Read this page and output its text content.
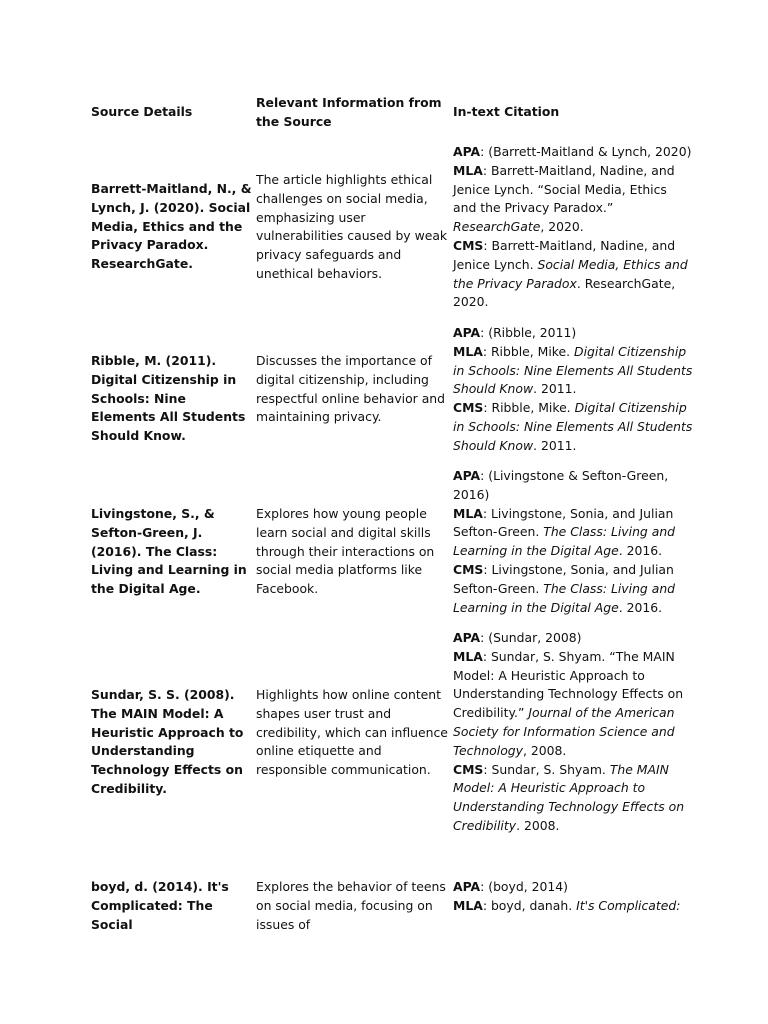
Source Details
Relevant Information from the Source
In-text Citation
Barrett-Maitland, N., & Lynch, J. (2020). Social Media, Ethics and the Privacy Paradox. ResearchGate.
The article highlights ethical challenges on social media, emphasizing user vulnerabilities caused by weak privacy safeguards and unethical behaviors.
APA: (Barrett-Maitland & Lynch, 2020)
MLA: Barrett-Maitland, Nadine, and Jenice Lynch. “Social Media, Ethics and the Privacy Paradox.” ResearchGate, 2020.
CMS: Barrett-Maitland, Nadine, and Jenice Lynch. Social Media, Ethics and the Privacy Paradox. ResearchGate, 2020.
Ribble, M. (2011). Digital Citizenship in Schools: Nine Elements All Students Should Know.
Discusses the importance of digital citizenship, including respectful online behavior and maintaining privacy.
APA: (Ribble, 2011)
MLA: Ribble, Mike. Digital Citizenship in Schools: Nine Elements All Students Should Know. 2011.
CMS: Ribble, Mike. Digital Citizenship in Schools: Nine Elements All Students Should Know. 2011.
Livingstone, S., & Sefton-Green, J. (2016). The Class: Living and Learning in the Digital Age.
Explores how young people learn social and digital skills through their interactions on social media platforms like Facebook.
APA: (Livingstone & Sefton-Green, 2016)
MLA: Livingstone, Sonia, and Julian Sefton-Green. The Class: Living and Learning in the Digital Age. 2016.
CMS: Livingstone, Sonia, and Julian Sefton-Green. The Class: Living and Learning in the Digital Age. 2016.
Sundar, S. S. (2008). The MAIN Model: A Heuristic Approach to Understanding Technology Effects on Credibility.
Highlights how online content shapes user trust and credibility, which can influence online etiquette and responsible communication.
APA: (Sundar, 2008)
MLA: Sundar, S. Shyam. “The MAIN Model: A Heuristic Approach to Understanding Technology Effects on Credibility.” Journal of the American Society for Information Science and Technology, 2008.
CMS: Sundar, S. Shyam. The MAIN Model: A Heuristic Approach to Understanding Technology Effects on Credibility. 2008.
boyd, d. (2014). It's Complicated: The Social
Explores the behavior of teens on social media, focusing on issues of
APA: (boyd, 2014)
MLA: boyd, danah. It's Complicated:
